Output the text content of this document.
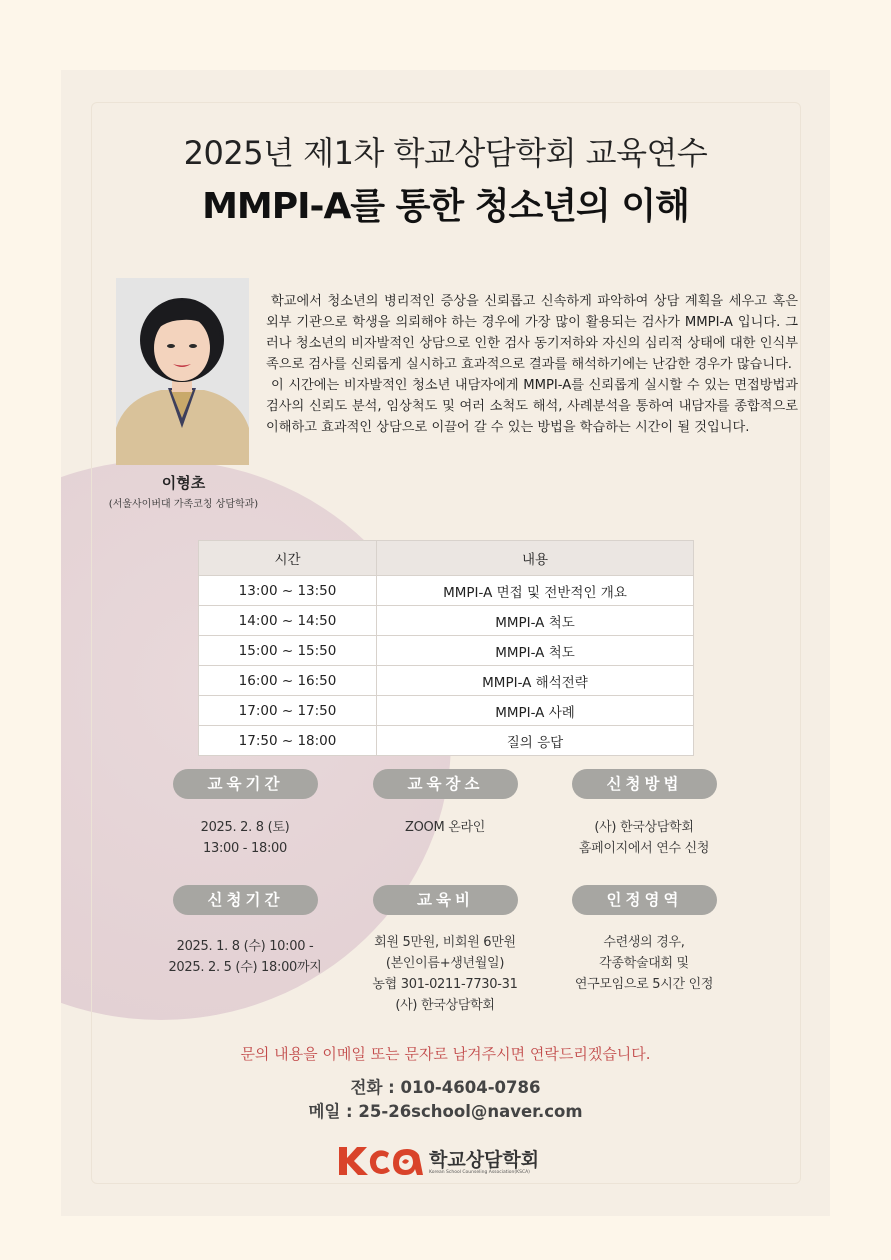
2025년 제1차 학교상담학회 교육연수
MMPI-A를 통한 청소년의 이해
이형초
(서울사이버대 가족코칭 상담학과)

학교에서 청소년의 병리적인 증상을 신뢰롭고 신속하게 파악하여 상담 계획을 세우고 혹은 외부 기관으로 학생을 의뢰해야 하는 경우에 가장 많이 활용되는 검사가 MMPI-A 입니다. 그러나 청소년의 비자발적인 상담으로 인한 검사 동기저하와 자신의 심리적 상태에 대한 인식부족으로 검사를 신뢰롭게 실시하고 효과적으로 결과를 해석하기에는 난감한 경우가 많습니다.

이 시간에는 비자발적인 청소년 내담자에게 MMPI-A를 신뢰롭게 실시할 수 있는 면접방법과 검사의 신뢰도 분석, 임상척도 및 여러 소척도 해석, 사례분석을 통하여 내담자를 종합적으로 이해하고 효과적인 상담으로 이끌어 갈 수 있는 방법을 학습하는 시간이 될 것입니다.

시간	내용
13:00 ~ 13:50	MMPI-A 면접 및 전반적인 개요
14:00 ~ 14:50	MMPI-A 척도
15:00 ~ 15:50	MMPI-A 척도
16:00 ~ 16:50	MMPI-A 해석전략
17:00 ~ 17:50	MMPI-A 사례
17:50 ~ 18:00	질의 응답
교육기간
2025. 2. 8 (토)
13:00 - 18:00
교육장소
ZOOM 온라인
신청방법
(사) 한국상담학회
홈페이지에서 연수 신청
신청기간
2025. 1. 8 (수) 10:00 -
2025. 2. 5 (수) 18:00까지
교육비
회원 5만원, 비회원 6만원
(본인이름+생년월일)
농협 301-0211-7730-31
(사) 한국상담학회
인정영역
수련생의 경우,
각종학술대회 및
연구모임으로 5시간 인정
문의 내용을 이메일 또는 문자로 남겨주시면 연락드리겠습니다.
전화 : 010-4604-0786
메일 : 25-26school@naver.com
학교상담학회
Korean School Counseling Association(KSCA)
